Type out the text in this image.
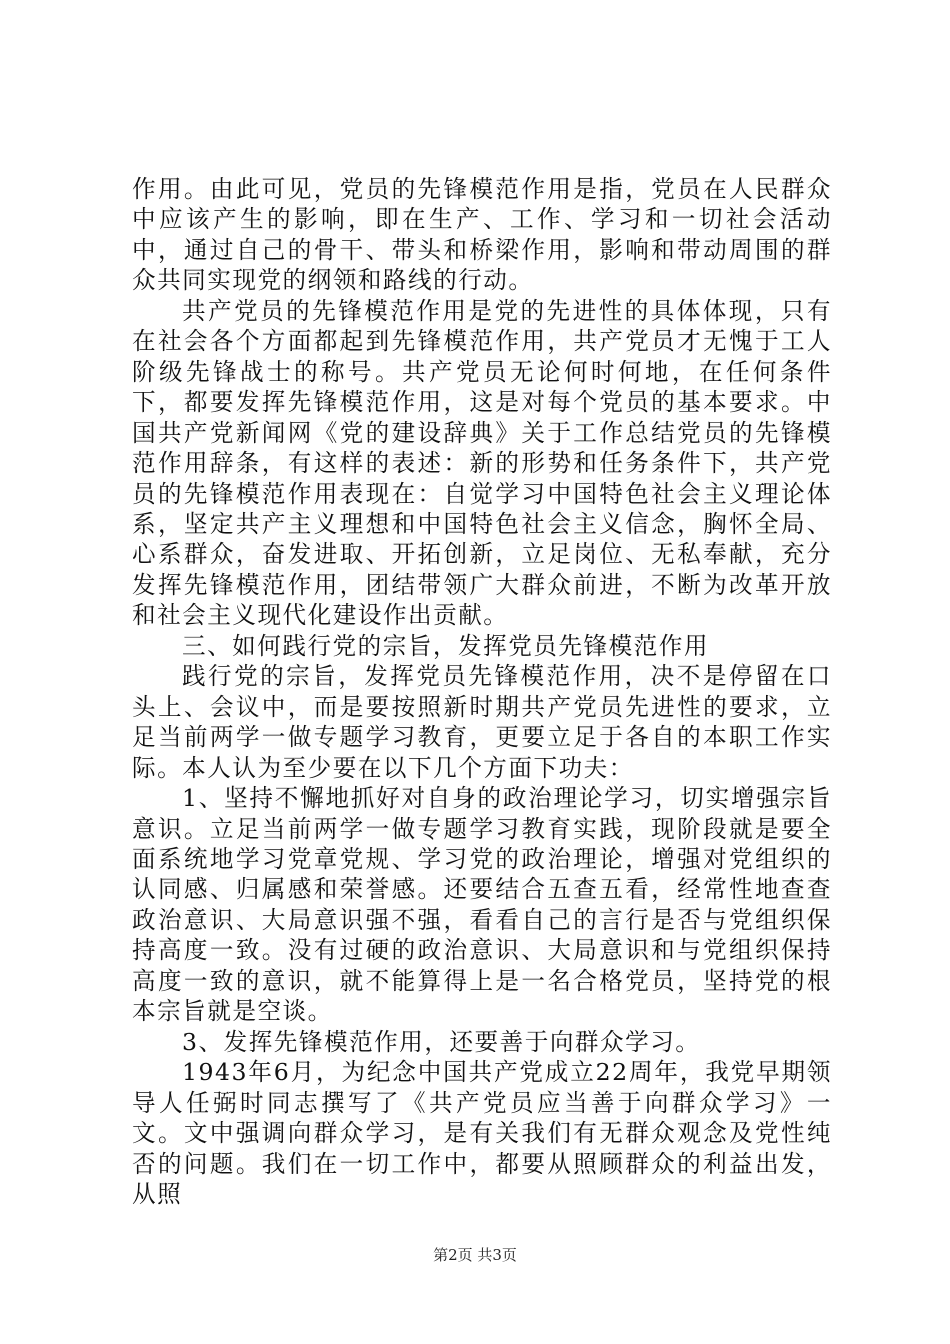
作用。由此可见，党员的先锋模范作用是指，党员在人民群众中应该产生的影响，即在生产、工作、学习和一切社会活动中，通过自己的骨干、带头和桥梁作用，影响和带动周围的群众共同实现党的纲领和路线的行动。

共产党员的先锋模范作用是党的先进性的具体体现，只有在社会各个方面都起到先锋模范作用，共产党员才无愧于工人阶级先锋战士的称号。共产党员无论何时何地，在任何条件下，都要发挥先锋模范作用，这是对每个党员的基本要求。中国共产党新闻网《党的建设辞典》关于工作总结党员的先锋模范作用辞条，有这样的表述：新的形势和任务条件下，共产党员的先锋模范作用表现在：自觉学习中国特色社会主义理论体系，坚定共产主义理想和中国特色社会主义信念，胸怀全局、心系群众，奋发进取、开拓创新，立足岗位、无私奉献，充分发挥先锋模范作用，团结带领广大群众前进，不断为改革开放和社会主义现代化建设作出贡献。

三、如何践行党的宗旨，发挥党员先锋模范作用

践行党的宗旨，发挥党员先锋模范作用，决不是停留在口头上、会议中，而是要按照新时期共产党员先进性的要求，立足当前两学一做专题学习教育，更要立足于各自的本职工作实际。本人认为至少要在以下几个方面下功夫：

1、坚持不懈地抓好对自身的政治理论学习，切实增强宗旨意识。立足当前两学一做专题学习教育实践，现阶段就是要全面系统地学习党章党规、学习党的政治理论，增强对党组织的认同感、归属感和荣誉感。还要结合五查五看，经常性地查查政治意识、大局意识强不强，看看自己的言行是否与党组织保持高度一致。没有过硬的政治意识、大局意识和与党组织保持高度一致的意识，就不能算得上是一名合格党员，坚持党的根本宗旨就是空谈。

3、发挥先锋模范作用，还要善于向群众学习。

1943年6月，为纪念中国共产党成立22周年，我党早期领导人任弼时同志撰写了《共产党员应当善于向群众学习》一文。文中强调向群众学习，是有关我们有无群众观念及党性纯否的问题。我们在一切工作中，都要从照顾群众的利益出发，从照

第2页 共3页
